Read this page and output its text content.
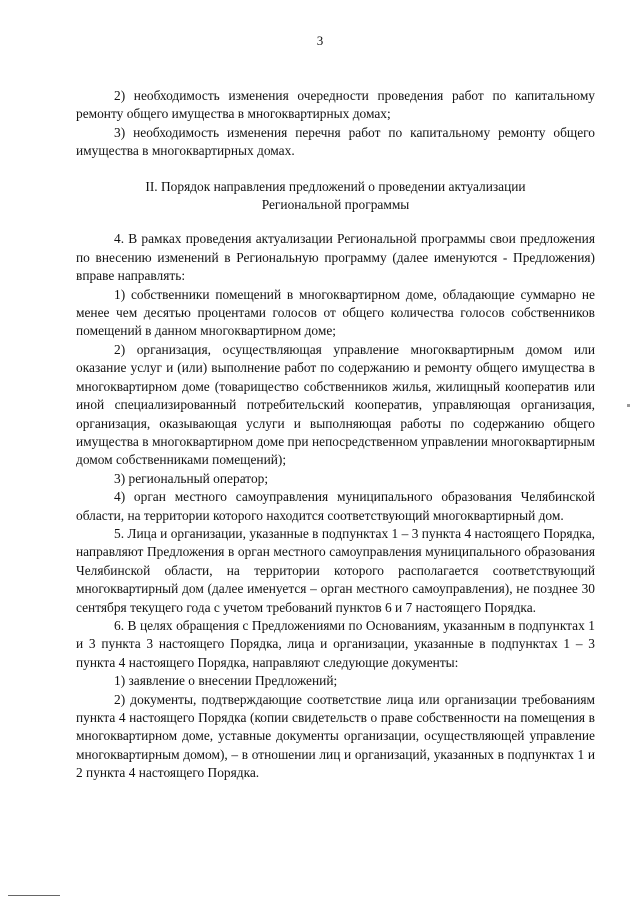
3

2) необходимость изменения очередности проведения работ по капитальному ремонту общего имущества в многоквартирных домах;

3) необходимость изменения перечня работ по капитальному ремонту общего имущества в многоквартирных домах.

II. Порядок направления предложений о проведении актуализации
Региональной программы

4. В рамках проведения актуализации Региональной программы свои предложения по внесению изменений в Региональную программу (далее именуются - Предложения) вправе направлять:

1) собственники помещений в многоквартирном доме, обладающие суммарно не менее чем десятью процентами голосов от общего количества голосов собственников помещений в данном многоквартирном доме;

2) организация, осуществляющая управление многоквартирным домом или оказание услуг и (или) выполнение работ по содержанию и ремонту общего имущества в многоквартирном доме (товарищество собственников жилья, жилищный кооператив или иной специализированный потребительский кооператив, управляющая организация, организация, оказывающая услуги и выполняющая работы по содержанию общего имущества в многоквартирном доме при непосредственном управлении многоквартирным домом собственниками помещений);

3) региональный оператор;

4) орган местного самоуправления муниципального образования Челябинской области, на территории которого находится соответствующий многоквартирный дом.

5. Лица и организации, указанные в подпунктах 1 – 3 пункта 4 настоящего Порядка, направляют Предложения в орган местного самоуправления муниципального образования Челябинской области, на территории которого располагается соответствующий многоквартирный дом (далее именуется – орган местного самоуправления), не позднее 30 сентября текущего года с учетом требований пунктов 6 и 7 настоящего Порядка.

6. В целях обращения с Предложениями по Основаниям, указанным в подпунктах 1 и 3 пункта 3 настоящего Порядка, лица и организации, указанные в подпунктах 1 – 3 пункта 4 настоящего Порядка, направляют следующие документы:

1) заявление о внесении Предложений;

2) документы, подтверждающие соответствие лица или организации требованиям пункта 4 настоящего Порядка (копии свидетельств о праве собственности на помещения в многоквартирном доме, уставные документы организации, осуществляющей управление многоквартирным домом), – в отношении лиц и организаций, указанных в подпунктах 1 и 2 пункта 4 настоящего Порядка.
